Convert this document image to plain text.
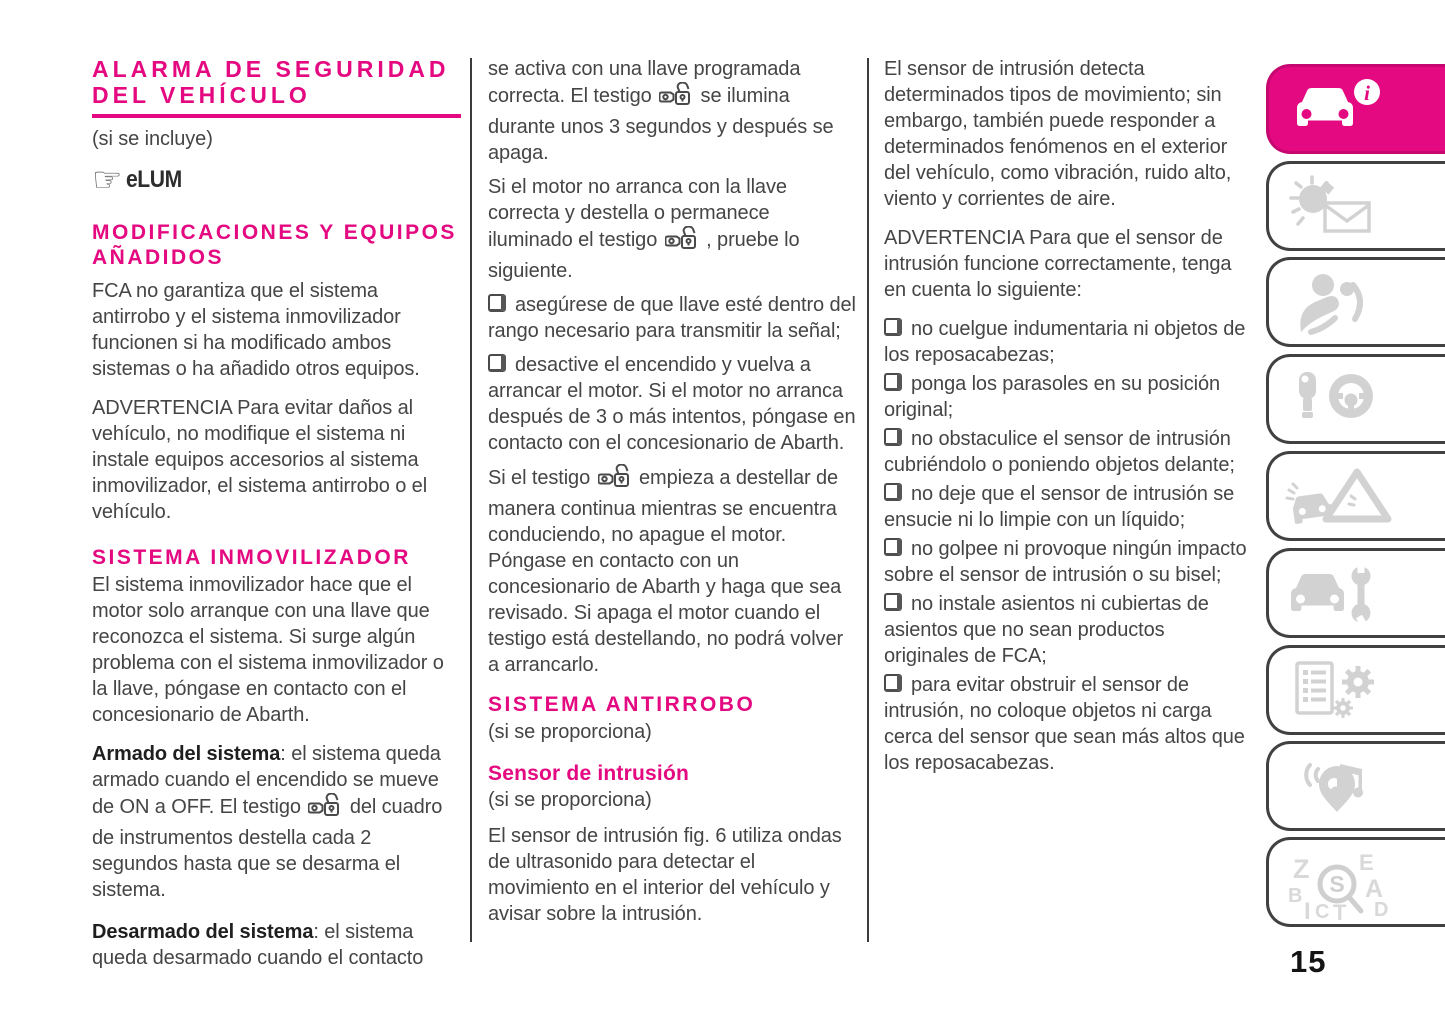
ALARMA DE SEGURIDAD DEL VEHÍCULO
(si se incluye)
☞ eLUM
MODIFICACIONES Y EQUIPOS AÑADIDOS

FCA no garantiza que el sistema antirrobo y el sistema inmovilizador funcionen si ha modificado ambos sistemas o ha añadido otros equipos.

ADVERTENCIA Para evitar daños al vehículo, no modifique el sistema ni instale equipos accesorios al sistema inmovilizador, el sistema antirrobo o el vehículo.

SISTEMA INMOVILIZADOR

El sistema inmovilizador hace que el motor solo arranque con una llave que reconozca el sistema. Si surge algún problema con el sistema inmovilizador o la llave, póngase en contacto con el concesionario de Abarth.

Armado del sistema: el sistema queda armado cuando el encendido se mueve de ON a OFF. El testigo  del cuadro de instrumentos destella cada 2 segundos hasta que se desarma el sistema.

Desarmado del sistema: el sistema queda desarmado cuando el contacto

se activa con una llave programada correcta. El testigo  se ilumina durante unos 3 segundos y después se apaga.

Si el motor no arranca con la llave correcta y destella o permanece iluminado el testigo  , pruebe lo siguiente.

asegúrese de que llave esté dentro del rango necesario para transmitir la señal;

desactive el encendido y vuelva a arrancar el motor. Si el motor no arranca después de 3 o más intentos, póngase en contacto con el concesionario de Abarth.

Si el testigo  empieza a destellar de manera continua mientras se encuentra conduciendo, no apague el motor. Póngase en contacto con un concesionario de Abarth y haga que sea revisado. Si apaga el motor cuando el testigo está destellando, no podrá volver a arrancarlo.

SISTEMA ANTIRROBO
(si se proporciona)
Sensor de intrusión
(si se proporciona)

El sensor de intrusión fig. 6 utiliza ondas de ultrasonido para detectar el movimiento en el interior del vehículo y avisar sobre la intrusión.

El sensor de intrusión detecta determinados tipos de movimiento; sin embargo, también puede responder a determinados fenómenos en el exterior del vehículo, como vibración, ruido alto, viento y corrientes de aire.

ADVERTENCIA Para que el sensor de intrusión funcione correctamente, tenga en cuenta lo siguiente:

no cuelgue indumentaria ni objetos de los reposacabezas;

ponga los parasoles en su posición original;

no obstaculice el sensor de intrusión cubriéndolo o poniendo objetos delante;

no deje que el sensor de intrusión se ensucie ni lo limpie con un líquido;

no golpee ni provoque ningún impacto sobre el sensor de intrusión o su bisel;

no instale asientos ni cubiertas de asientos que no sean productos originales de FCA;

para evitar obstruir el sensor de intrusión, no coloque objetos ni carga cerca del sensor que sean más altos que los reposacabezas.

i
Z E
B	A
D
I C T
S
15
